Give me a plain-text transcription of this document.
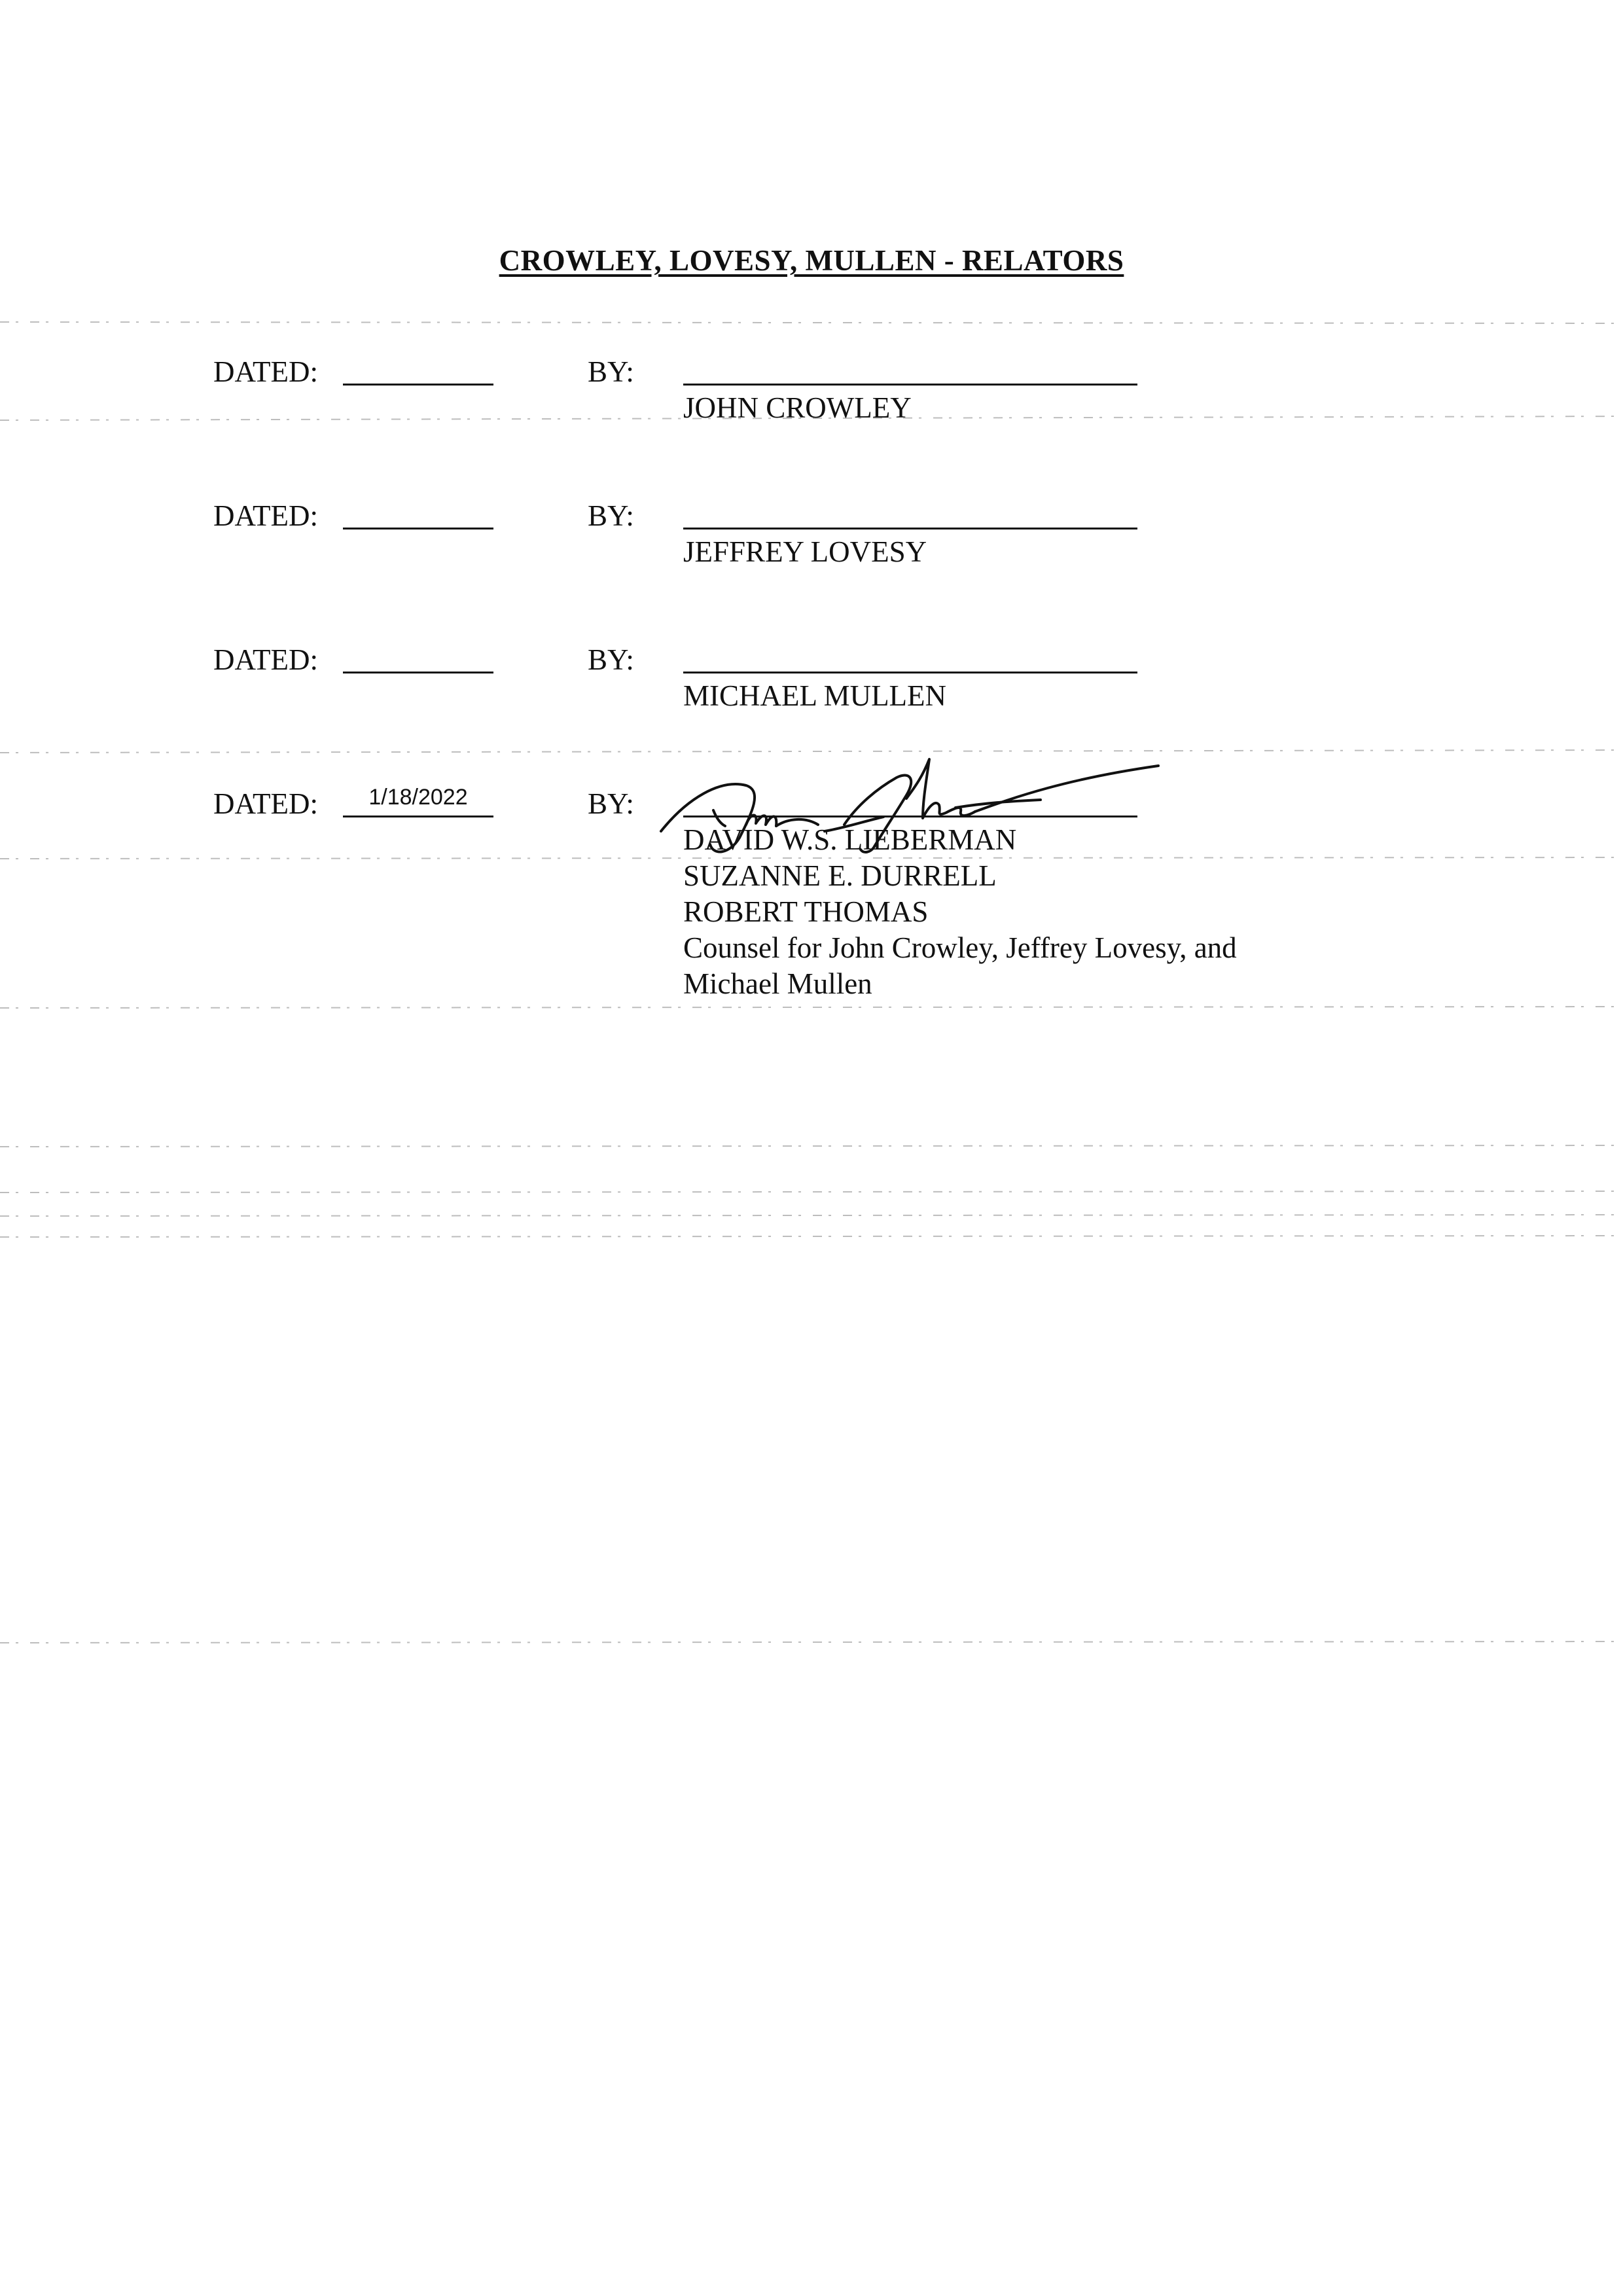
CROWLEY, LOVESY, MULLEN - RELATORS
DATED:	BY:
JOHN CROWLEY
DATED:	BY:
JEFFREY LOVESY
DATED:	BY:
MICHAEL MULLEN
DATED:	1/18/2022	BY:
DAVID W.S. LIEBERMAN
SUZANNE E. DURRELL
ROBERT THOMAS
Counsel for John Crowley, Jeffrey Lovesy, and
Michael Mullen
